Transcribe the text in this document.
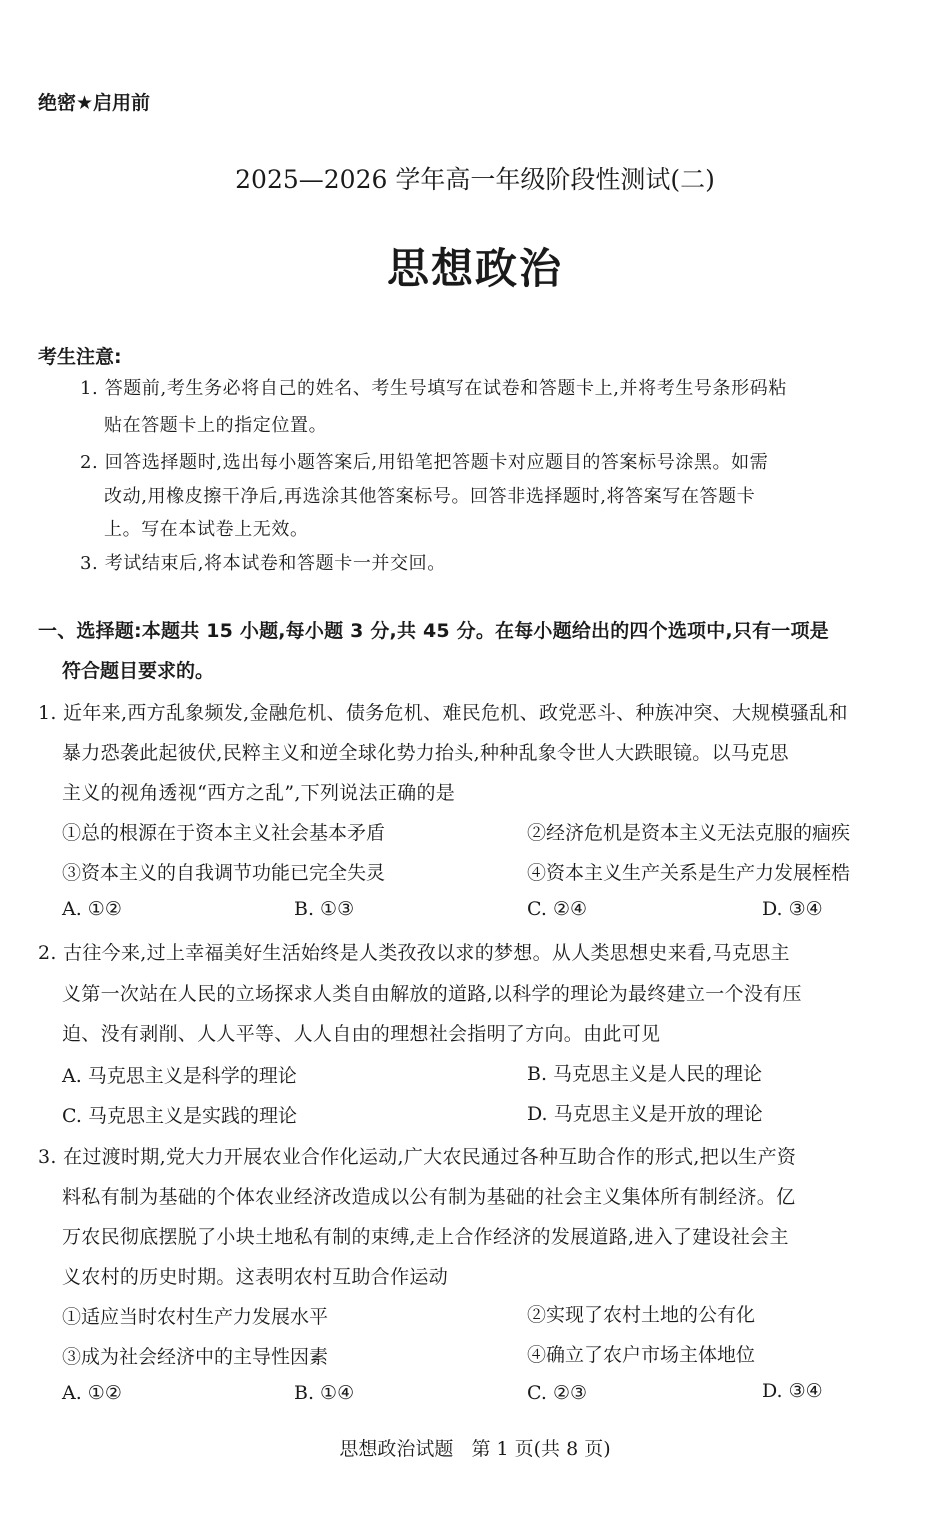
绝密★启用前
2025—2026 学年高一年级阶段性测试(二)
思想政治
考生注意:
1. 答题前,考生务必将自己的姓名、考生号填写在试卷和答题卡上,并将考生号条形码粘
贴在答题卡上的指定位置。
2. 回答选择题时,选出每小题答案后,用铅笔把答题卡对应题目的答案标号涂黑。如需
改动,用橡皮擦干净后,再选涂其他答案标号。回答非选择题时,将答案写在答题卡
上。写在本试卷上无效。
3. 考试结束后,将本试卷和答题卡一并交回。
一、选择题:本题共 15 小题,每小题 3 分,共 45 分。在每小题给出的四个选项中,只有一项是
符合题目要求的。
1. 近年来,西方乱象频发,金融危机、债务危机、难民危机、政党恶斗、种族冲突、大规模骚乱和
暴力恐袭此起彼伏,民粹主义和逆全球化势力抬头,种种乱象令世人大跌眼镜。以马克思
主义的视角透视“西方之乱”,下列说法正确的是
①总的根源在于资本主义社会基本矛盾	②经济危机是资本主义无法克服的痼疾
③资本主义的自我调节功能已完全失灵	④资本主义生产关系是生产力发展桎梏
A. ①②	B. ①③	C. ②④	D. ③④
2. 古往今来,过上幸福美好生活始终是人类孜孜以求的梦想。从人类思想史来看,马克思主
义第一次站在人民的立场探求人类自由解放的道路,以科学的理论为最终建立一个没有压
迫、没有剥削、人人平等、人人自由的理想社会指明了方向。由此可见
A. 马克思主义是科学的理论	B. 马克思主义是人民的理论
C. 马克思主义是实践的理论	D. 马克思主义是开放的理论
3. 在过渡时期,党大力开展农业合作化运动,广大农民通过各种互助合作的形式,把以生产资
料私有制为基础的个体农业经济改造成以公有制为基础的社会主义集体所有制经济。亿
万农民彻底摆脱了小块土地私有制的束缚,走上合作经济的发展道路,进入了建设社会主
义农村的历史时期。这表明农村互助合作运动
①适应当时农村生产力发展水平	②实现了农村土地的公有化
③成为社会经济中的主导性因素	④确立了农户市场主体地位
A. ①②	B. ①④	C. ②③	D. ③④
思想政治试题   第 1 页(共 8 页)
